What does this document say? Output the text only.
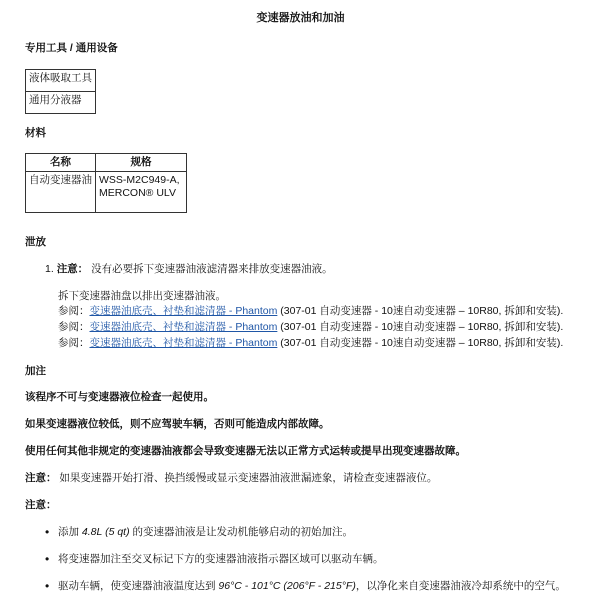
变速器放油和加油
专用工具 / 通用设备
液体吸取工具
通用分液器
材料
名称	规格
自动变速器油	WSS-M2C949-A,
MERCON® ULV
泄放
1. 注意： 没有必要拆下变速器油液滤清器来排放变速器油液。
拆下变速器油盘以排出变速器油液。
参阅：变速器油底壳、衬垫和滤清器 - Phantom (307-01 自动变速器 - 10速自动变速器 – 10R80, 拆卸和安装).
参阅：变速器油底壳、衬垫和滤清器 - Phantom (307-01 自动变速器 - 10速自动变速器 – 10R80, 拆卸和安装).
参阅：变速器油底壳、衬垫和滤清器 - Phantom (307-01 自动变速器 - 10速自动变速器 – 10R80, 拆卸和安装).
加注
该程序不可与变速器液位检查一起使用。
如果变速器液位较低，则不应驾驶车辆，否则可能造成内部故障。
使用任何其他非规定的变速器油液都会导致变速器无法以正常方式运转或提早出现变速器故障。
注意： 如果变速器开始打滑、换挡缓慢或显示变速器油液泄漏迹象，请检查变速器液位。
注意：
• 添加 4.8L (5 qt) 的变速器油液是让发动机能够启动的初始加注。
• 将变速器加注至交叉标记下方的变速器油液指示器区域可以驱动车辆。
• 驱动车辆，使变速器油液温度达到 96°C - 101°C (206°F - 215°F)，以净化来自变速器油液冷却系统中的空气。
